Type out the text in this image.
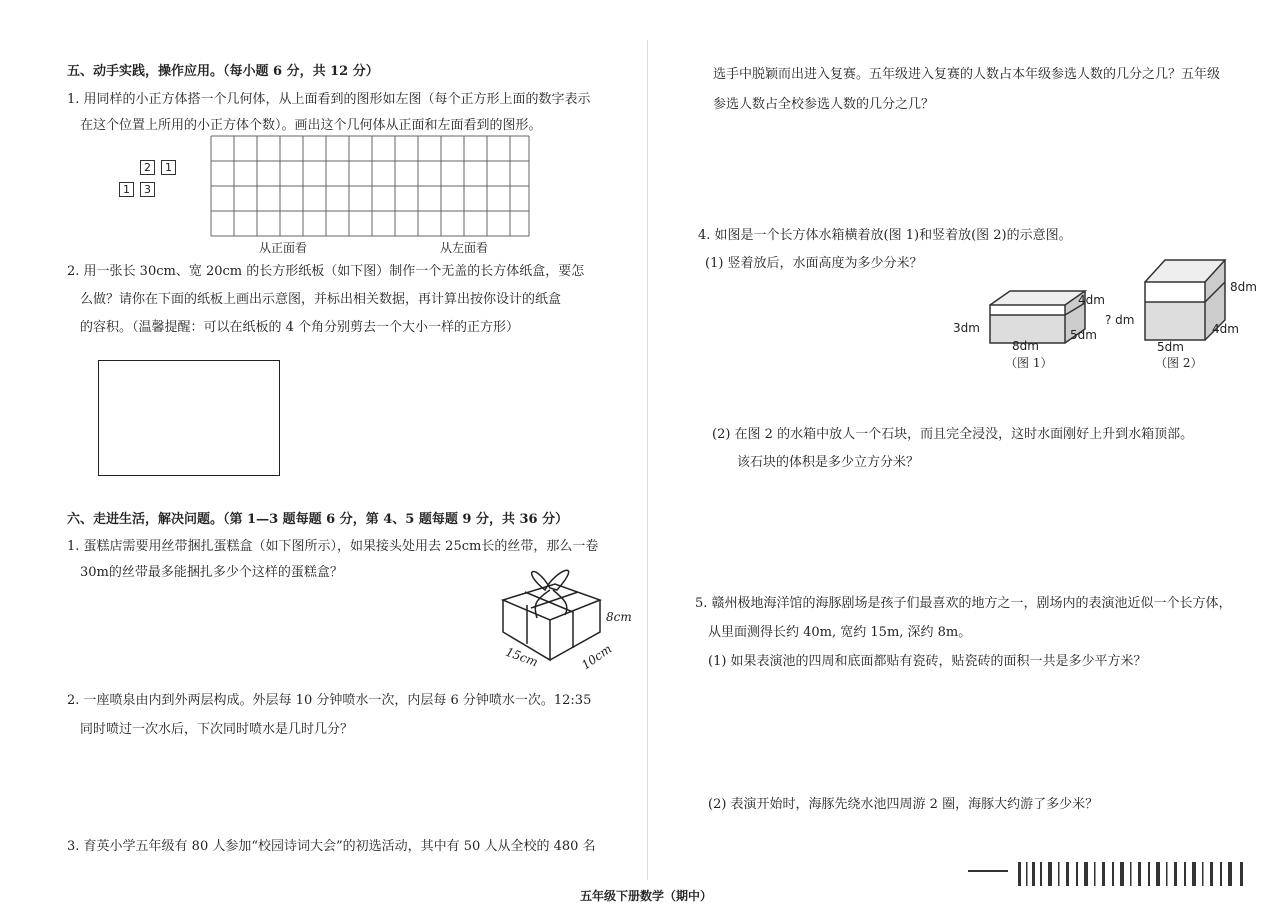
五、动手实践，操作应用。（每小题 6 分，共 12 分）
1. 用同样的小正方体搭一个几何体，从上面看到的图形如左图（每个正方形上面的数字表示
在这个位置上所用的小正方体个数）。画出这个几何体从正面和左面看到的图形。
2	1
1	3
从正面看	从左面看
2. 用一张长 30cm、宽 20cm 的长方形纸板（如下图）制作一个无盖的长方体纸盒，要怎
么做？请你在下面的纸板上画出示意图，并标出相关数据，再计算出按你设计的纸盒
的容积。（温馨提醒：可以在纸板的 4 个角分别剪去一个大小一样的正方形）
六、走进生活，解决问题。（第 1—3 题每题 6 分，第 4、5 题每题 9 分，共 36 分）
1. 蛋糕店需要用丝带捆扎蛋糕盒（如下图所示），如果接头处用去 25cm长的丝带，那么一卷
30m的丝带最多能捆扎多少个这样的蛋糕盒？
8cm
15cm	10cm
2. 一座喷泉由内到外两层构成。外层每 10 分钟喷水一次，内层每 6 分钟喷水一次。12:35
同时喷过一次水后，下次同时喷水是几时几分？
3. 育英小学五年级有 80 人参加“校园诗词大会”的初选活动，其中有 50 人从全校的 480 名
选手中脱颖而出进入复赛。五年级进入复赛的人数占本年级参选人数的几分之几？五年级
参选人数占全校参选人数的几分之几？
4. 如图是一个长方体水箱横着放(图 1)和竖着放(图 2)的示意图。
(1) 竖着放后，水面高度为多少分米？
4dm
5dm
8dm
3dm
（图 1）
8dm
4dm
5dm
? dm
（图 2）
(2) 在图 2 的水箱中放人一个石块，而且完全浸没，这时水面刚好上升到水箱顶部。
该石块的体积是多少立方分米？
5. 赣州极地海洋馆的海豚剧场是孩子们最喜欢的地方之一，剧场内的表演池近似一个长方体，
从里面测得长约 40m, 宽约 15m, 深约 8m。
(1) 如果表演池的四周和底面都贴有瓷砖，贴瓷砖的面积一共是多少平方米？
(2) 表演开始时，海豚先绕水池四周游 2 圈，海豚大约游了多少米？
五年级下册数学（期中）
